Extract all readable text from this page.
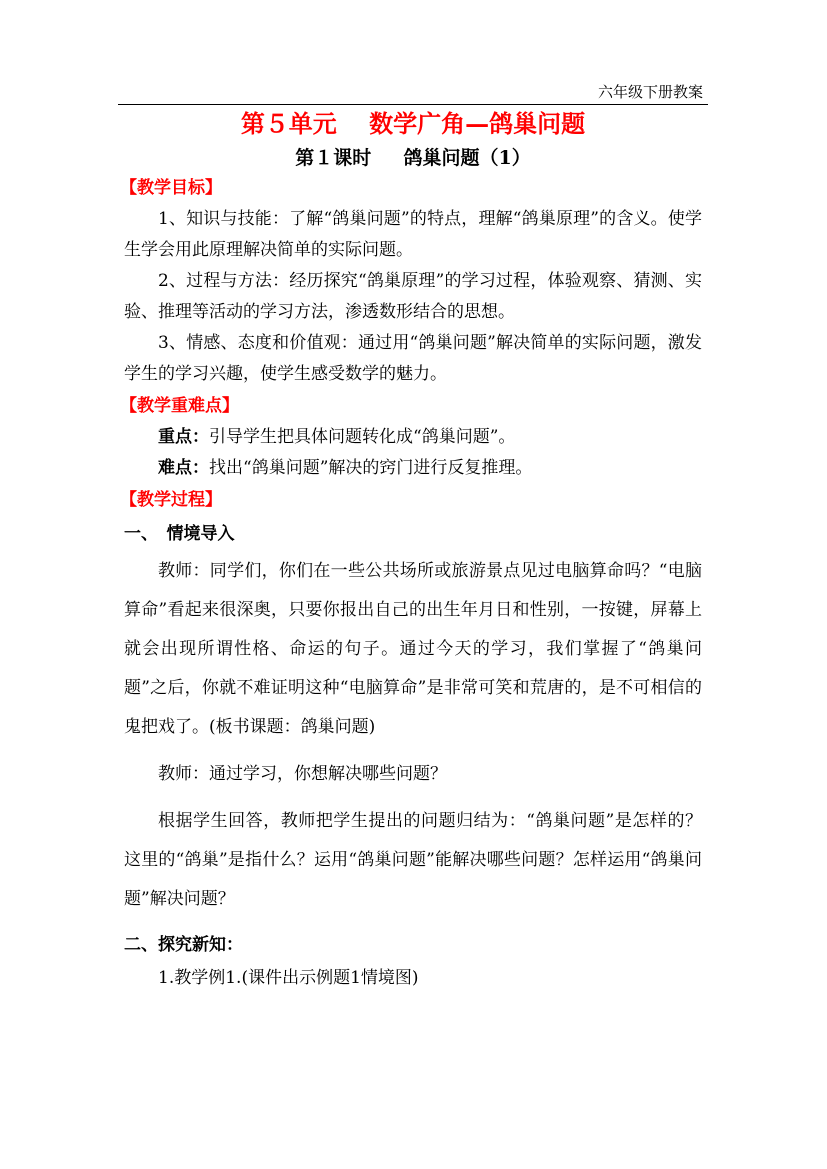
六年级下册教案

第５单元　 数学广角—鸽巢问题

第１课时　  鸽巢问题（1）

【教学目标】

1、知识与技能：了解“鸽巢问题”的特点，理解“鸽巢原理”的含义。使学生学会用此原理解决简单的实际问题。

2、过程与方法：经历探究“鸽巢原理”的学习过程，体验观察、猜测、实验、推理等活动的学习方法，渗透数形结合的思想。

3、情感、态度和价值观：通过用“鸽巢问题”解决简单的实际问题，激发学生的学习兴趣，使学生感受数学的魅力。

【教学重难点】

重点：引导学生把具体问题转化成“鸽巢问题”。

难点：找出“鸽巢问题”解决的窍门进行反复推理。

【教学过程】

一、　情境导入

教师：同学们，你们在一些公共场所或旅游景点见过电脑算命吗？“电脑算命”看起来很深奥，只要你报出自己的出生年月日和性别，一按键，屏幕上就会出现所谓性格、命运的句子。通过今天的学习，我们掌握了“鸽巢问题”之后，你就不难证明这种“电脑算命”是非常可笑和荒唐的，是不可相信的鬼把戏了。(板书课题：鸽巢问题)

教师：通过学习，你想解决哪些问题？

根据学生回答，教师把学生提出的问题归结为：“鸽巢问题”是怎样的？这里的“鸽巢”是指什么？运用“鸽巢问题”能解决哪些问题？怎样运用“鸽巢问题”解决问题？

二、探究新知：

1.教学例1.(课件出示例题1情境图)
